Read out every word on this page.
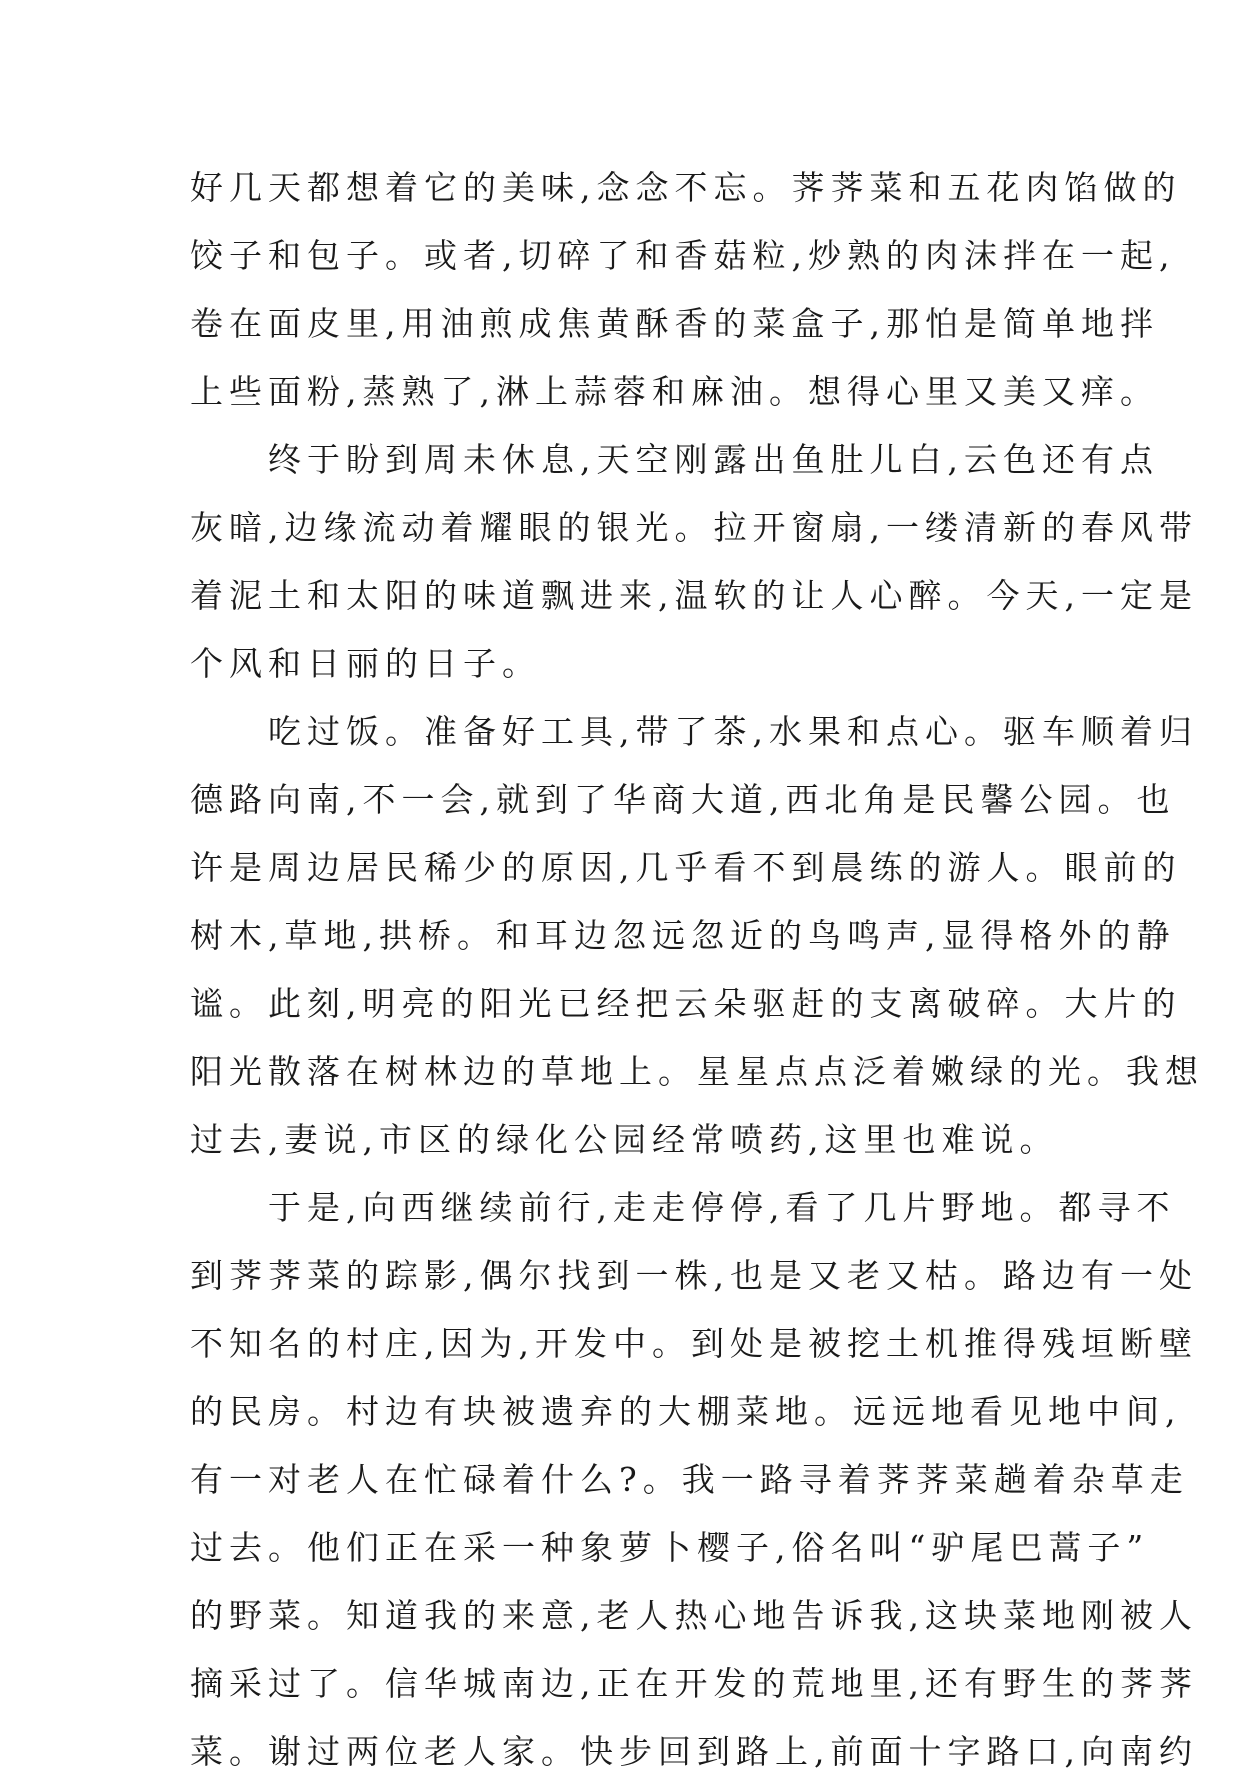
好几天都想着它的美味,念念不忘。荠荠菜和五花肉馅做的
饺子和包子。或者,切碎了和香菇粒,炒熟的肉沫拌在一起,
卷在面皮里,用油煎成焦黄酥香的菜盒子,那怕是简单地拌
上些面粉,蒸熟了,淋上蒜蓉和麻油。想得心里又美又痒。
　　终于盼到周未休息,天空刚露出鱼肚儿白,云色还有点
灰暗,边缘流动着耀眼的银光。拉开窗扇,一缕清新的春风带
着泥土和太阳的味道飘进来,温软的让人心醉。今天,一定是
个风和日丽的日子。
　　吃过饭。准备好工具,带了茶,水果和点心。驱车顺着归
德路向南,不一会,就到了华商大道,西北角是民馨公园。也
许是周边居民稀少的原因,几乎看不到晨练的游人。眼前的
树木,草地,拱桥。和耳边忽远忽近的鸟鸣声,显得格外的静
谧。此刻,明亮的阳光已经把云朵驱赶的支离破碎。大片的
阳光散落在树林边的草地上。星星点点泛着嫩绿的光。我想
过去,妻说,市区的绿化公园经常喷药,这里也难说。
　　于是,向西继续前行,走走停停,看了几片野地。都寻不
到荠荠菜的踪影,偶尔找到一株,也是又老又枯。路边有一处
不知名的村庄,因为,开发中。到处是被挖土机推得残垣断壁
的民房。村边有块被遗弃的大棚菜地。远远地看见地中间,
有一对老人在忙碌着什么?。我一路寻着荠荠菜趟着杂草走
过去。他们正在采一种象萝卜樱子,俗名叫“驴尾巴蒿子”
的野菜。知道我的来意,老人热心地告诉我,这块菜地刚被人
摘采过了。信华城南边,正在开发的荒地里,还有野生的荠荠
菜。谢过两位老人家。快步回到路上,前面十字路口,向南约
